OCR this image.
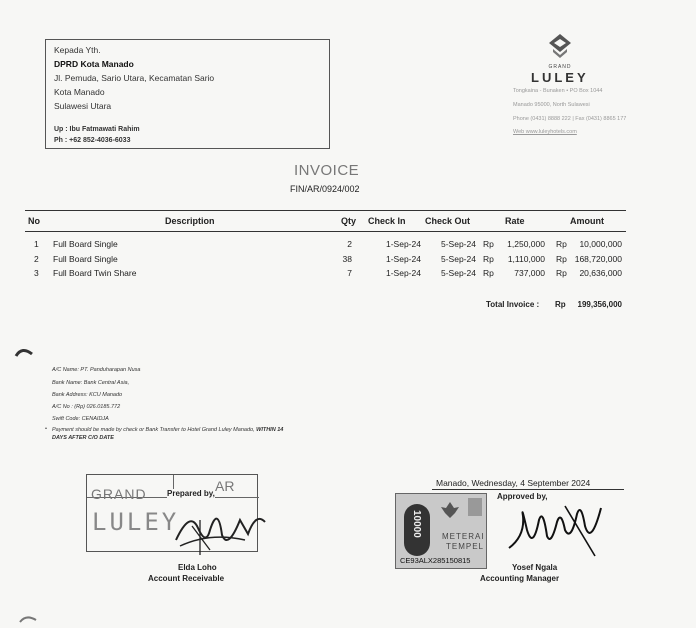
Kepada Yth.
DPRD Kota Manado
Jl. Pemuda, Sario Utara, Kecamatan Sario
Kota Manado
Sulawesi Utara
Up : Ibu Fatmawati Rahim
Ph : +62 852-4036-6033
GRAND
LULEY
Tongkaina - Bunaken • PO Box 1044
Manado 95000, North Sulawesi
Phone (0431) 8888 222 | Fax (0431) 8865 177
Web www.luleyhotels.com
INVOICE
FIN/AR/0924/002
No	Description	Qty Check In Check Out	Rate	Amount
1 Full Board Single	2	1-Sep-24 5-Sep-24 Rp	1,250,000 Rp	10,000,000
2 Full Board Single	38	1-Sep-24 5-Sep-24 Rp	1,110,000 Rp 168,720,000
3 Full Board Twin Share	7	1-Sep-24 5-Sep-24 Rp	737,000 Rp	20,636,000
Total Invoice : Rp	199,356,000
A/C Name: PT. Panduharapan Nusa
Bank Name: Bank Central Asia,
Bank Address: KCU Manado
A/C No : (Rp) 026.0185.772
Swift Code: CENAIDJA
• Payment should be made by check or Bank Transfer to Hotel Grand Luley Manado, WITHIN 14
DAYS AFTER C/O DATE
GRAND
LULEY
AR
Prepared by,
Elda Loho
Account Receivable
Manado, Wednesday, 4 September 2024
Approved by,
10000	METERAI
TEMPEL
CE93ALX285150815
Yosef Ngala
Accounting Manager
